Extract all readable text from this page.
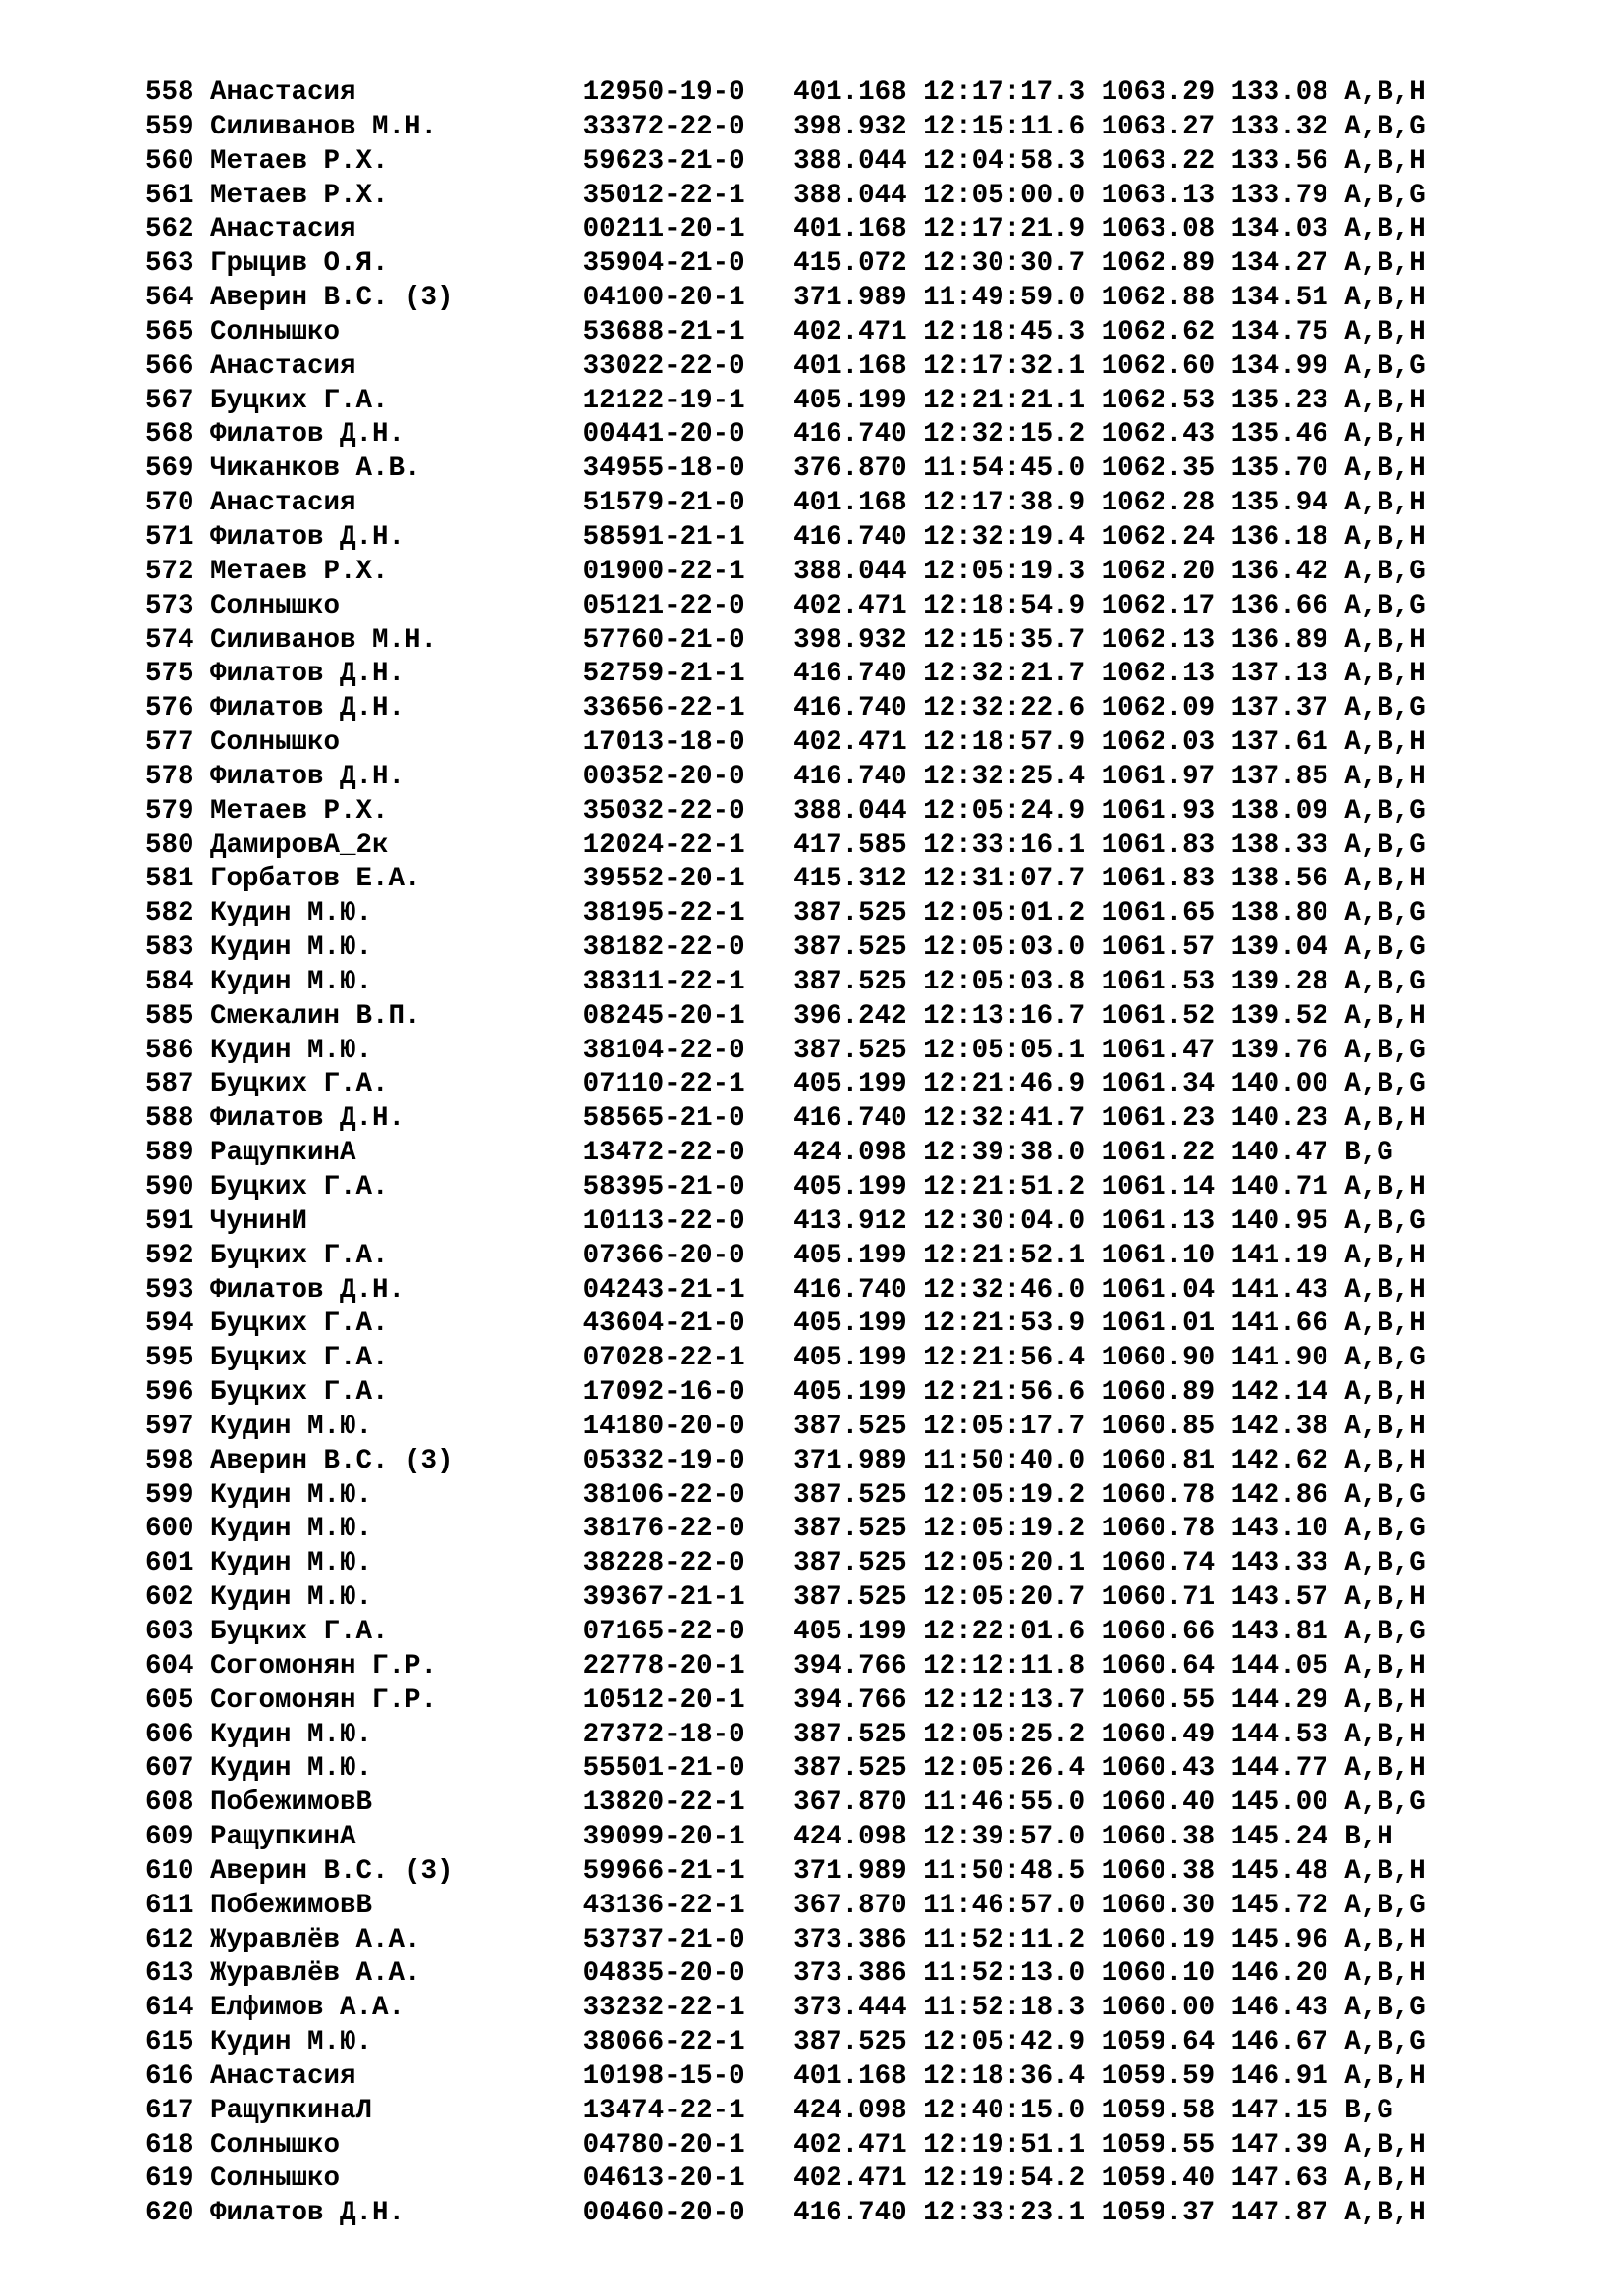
558 Анастасия              12950-19-0   401.168 12:17:17.3 1063.29 133.08 A,B,H
559 Силиванов М.Н.         33372-22-0   398.932 12:15:11.6 1063.27 133.32 A,B,G
560 Метаев Р.Х.            59623-21-0   388.044 12:04:58.3 1063.22 133.56 A,B,H
561 Метаев Р.Х.            35012-22-1   388.044 12:05:00.0 1063.13 133.79 A,B,G
562 Анастасия              00211-20-1   401.168 12:17:21.9 1063.08 134.03 A,B,H
563 Грыцив О.Я.            35904-21-0   415.072 12:30:30.7 1062.89 134.27 A,B,H
564 Аверин В.С. (3)        04100-20-1   371.989 11:49:59.0 1062.88 134.51 A,B,H
565 Солнышко               53688-21-1   402.471 12:18:45.3 1062.62 134.75 A,B,H
566 Анастасия              33022-22-0   401.168 12:17:32.1 1062.60 134.99 A,B,G
567 Буцких Г.А.            12122-19-1   405.199 12:21:21.1 1062.53 135.23 A,B,H
568 Филатов Д.Н.           00441-20-0   416.740 12:32:15.2 1062.43 135.46 A,B,H
569 Чиканков А.В.          34955-18-0   376.870 11:54:45.0 1062.35 135.70 A,B,H
570 Анастасия              51579-21-0   401.168 12:17:38.9 1062.28 135.94 A,B,H
571 Филатов Д.Н.           58591-21-1   416.740 12:32:19.4 1062.24 136.18 A,B,H
572 Метаев Р.Х.            01900-22-1   388.044 12:05:19.3 1062.20 136.42 A,B,G
573 Солнышко               05121-22-0   402.471 12:18:54.9 1062.17 136.66 A,B,G
574 Силиванов М.Н.         57760-21-0   398.932 12:15:35.7 1062.13 136.89 A,B,H
575 Филатов Д.Н.           52759-21-1   416.740 12:32:21.7 1062.13 137.13 A,B,H
576 Филатов Д.Н.           33656-22-1   416.740 12:32:22.6 1062.09 137.37 A,B,G
577 Солнышко               17013-18-0   402.471 12:18:57.9 1062.03 137.61 A,B,H
578 Филатов Д.Н.           00352-20-0   416.740 12:32:25.4 1061.97 137.85 A,B,H
579 Метаев Р.Х.            35032-22-0   388.044 12:05:24.9 1061.93 138.09 A,B,G
580 ДамировА_2к            12024-22-1   417.585 12:33:16.1 1061.83 138.33 A,B,G
581 Горбатов Е.А.          39552-20-1   415.312 12:31:07.7 1061.83 138.56 A,B,H
582 Кудин М.Ю.             38195-22-1   387.525 12:05:01.2 1061.65 138.80 A,B,G
583 Кудин М.Ю.             38182-22-0   387.525 12:05:03.0 1061.57 139.04 A,B,G
584 Кудин М.Ю.             38311-22-1   387.525 12:05:03.8 1061.53 139.28 A,B,G
585 Смекалин В.П.          08245-20-1   396.242 12:13:16.7 1061.52 139.52 A,B,H
586 Кудин М.Ю.             38104-22-0   387.525 12:05:05.1 1061.47 139.76 A,B,G
587 Буцких Г.А.            07110-22-1   405.199 12:21:46.9 1061.34 140.00 A,B,G
588 Филатов Д.Н.           58565-21-0   416.740 12:32:41.7 1061.23 140.23 A,B,H
589 РащупкинА              13472-22-0   424.098 12:39:38.0 1061.22 140.47 B,G
590 Буцких Г.А.            58395-21-0   405.199 12:21:51.2 1061.14 140.71 A,B,H
591 ЧунинИ                 10113-22-0   413.912 12:30:04.0 1061.13 140.95 A,B,G
592 Буцких Г.А.            07366-20-0   405.199 12:21:52.1 1061.10 141.19 A,B,H
593 Филатов Д.Н.           04243-21-1   416.740 12:32:46.0 1061.04 141.43 A,B,H
594 Буцких Г.А.            43604-21-0   405.199 12:21:53.9 1061.01 141.66 A,B,H
595 Буцких Г.А.            07028-22-1   405.199 12:21:56.4 1060.90 141.90 A,B,G
596 Буцких Г.А.            17092-16-0   405.199 12:21:56.6 1060.89 142.14 A,B,H
597 Кудин М.Ю.             14180-20-0   387.525 12:05:17.7 1060.85 142.38 A,B,H
598 Аверин В.С. (3)        05332-19-0   371.989 11:50:40.0 1060.81 142.62 A,B,H
599 Кудин М.Ю.             38106-22-0   387.525 12:05:19.2 1060.78 142.86 A,B,G
600 Кудин М.Ю.             38176-22-0   387.525 12:05:19.2 1060.78 143.10 A,B,G
601 Кудин М.Ю.             38228-22-0   387.525 12:05:20.1 1060.74 143.33 A,B,G
602 Кудин М.Ю.             39367-21-1   387.525 12:05:20.7 1060.71 143.57 A,B,H
603 Буцких Г.А.            07165-22-0   405.199 12:22:01.6 1060.66 143.81 A,B,G
604 Согомонян Г.Р.         22778-20-1   394.766 12:12:11.8 1060.64 144.05 A,B,H
605 Согомонян Г.Р.         10512-20-1   394.766 12:12:13.7 1060.55 144.29 A,B,H
606 Кудин М.Ю.             27372-18-0   387.525 12:05:25.2 1060.49 144.53 A,B,H
607 Кудин М.Ю.             55501-21-0   387.525 12:05:26.4 1060.43 144.77 A,B,H
608 ПобежимовВ             13820-22-1   367.870 11:46:55.0 1060.40 145.00 A,B,G
609 РащупкинА              39099-20-1   424.098 12:39:57.0 1060.38 145.24 B,H
610 Аверин В.С. (3)        59966-21-1   371.989 11:50:48.5 1060.38 145.48 A,B,H
611 ПобежимовВ             43136-22-1   367.870 11:46:57.0 1060.30 145.72 A,B,G
612 Журавлёв А.А.          53737-21-0   373.386 11:52:11.2 1060.19 145.96 A,B,H
613 Журавлёв А.А.          04835-20-0   373.386 11:52:13.0 1060.10 146.20 A,B,H
614 Елфимов А.А.           33232-22-1   373.444 11:52:18.3 1060.00 146.43 A,B,G
615 Кудин М.Ю.             38066-22-1   387.525 12:05:42.9 1059.64 146.67 A,B,G
616 Анастасия              10198-15-0   401.168 12:18:36.4 1059.59 146.91 A,B,H
617 РащупкинаЛ             13474-22-1   424.098 12:40:15.0 1059.58 147.15 B,G
618 Солнышко               04780-20-1   402.471 12:19:51.1 1059.55 147.39 A,B,H
619 Солнышко               04613-20-1   402.471 12:19:54.2 1059.40 147.63 A,B,H
620 Филатов Д.Н.           00460-20-0   416.740 12:33:23.1 1059.37 147.87 A,B,H
